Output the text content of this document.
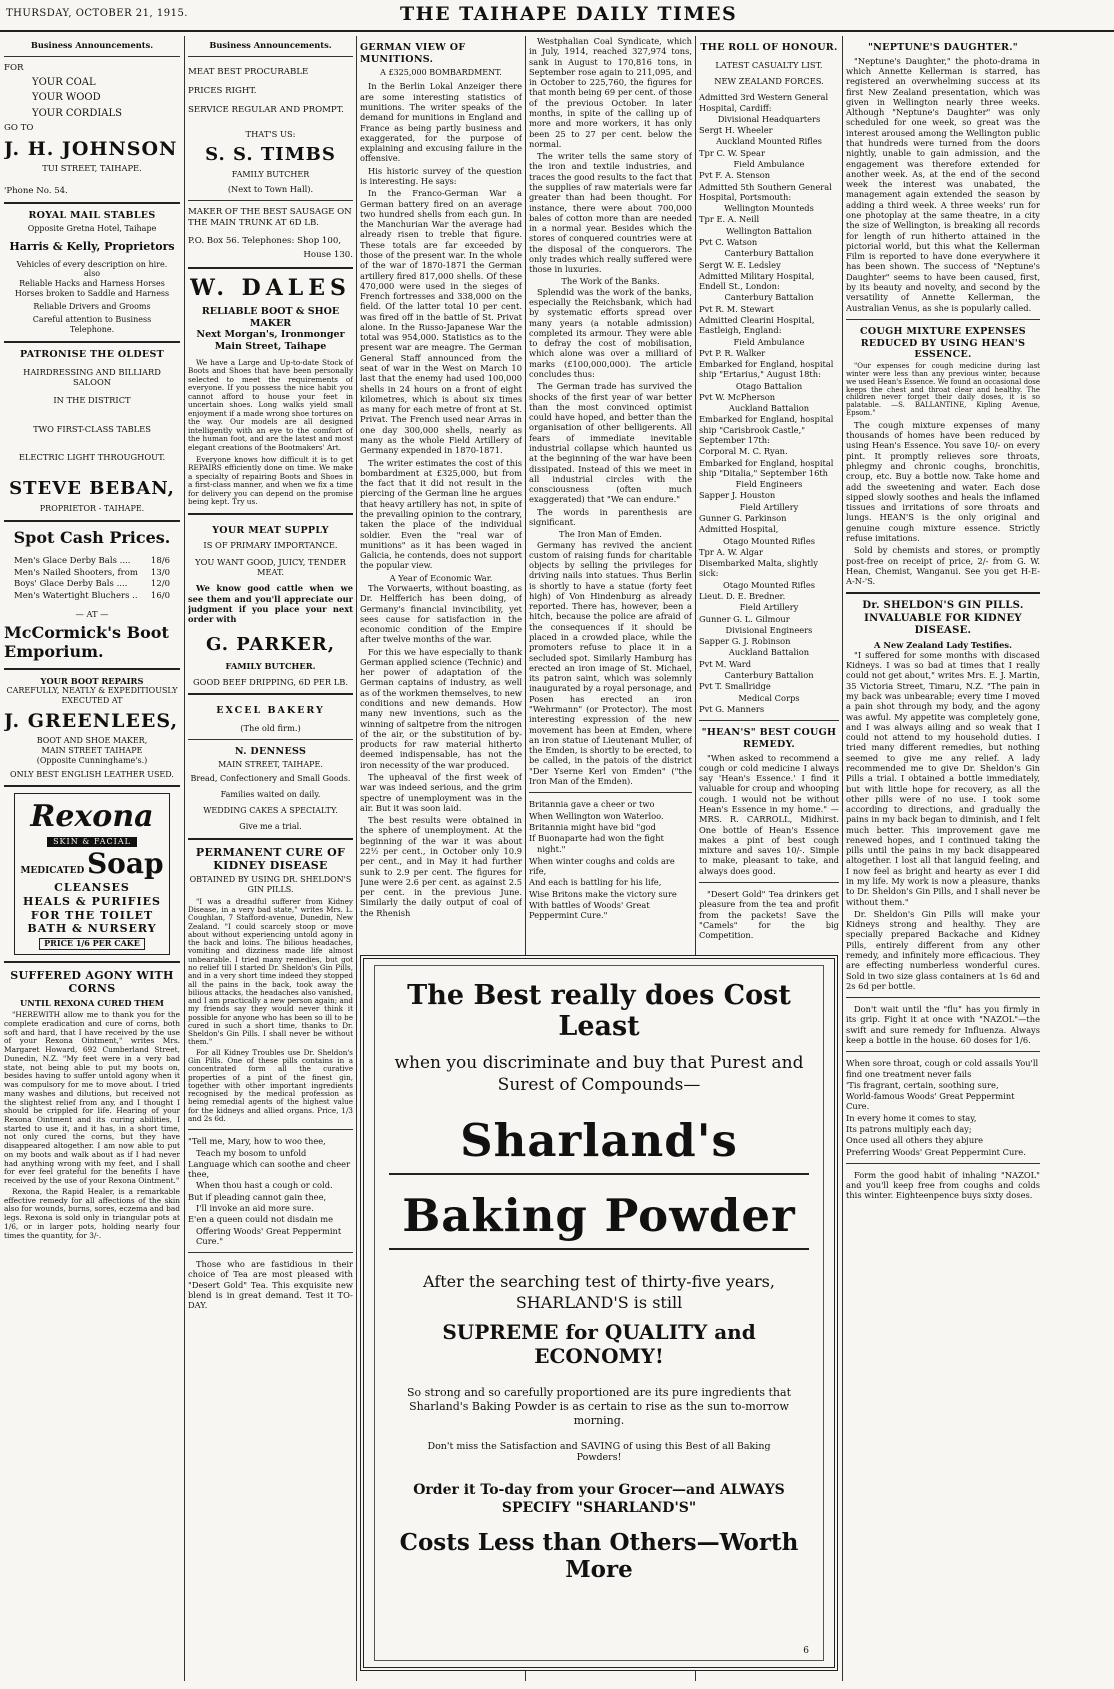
THURSDAY, OCTOBER 21, 1915.	THE TAIHAPE DAILY TIMES
Business Announcements.
FOR
YOUR COAL
YOUR WOOD
YOUR CORDIALS
GO TO
J. H. JOHNSON
TUI STREET, TAIHAPE.
'Phone No. 54.
ROYAL MAIL STABLES
Opposite Gretna Hotel, Taihape
Harris & Kelly, Proprietors
Vehicles of every description on hire.
also
Reliable Hacks and Harness Horses
Horses broken to Saddle and Harness
Reliable Drivers and Grooms
Careful attention to Business
Telephone.
PATRONISE THE OLDEST
HAIRDRESSING AND BILLIARD SALOON
IN THE DISTRICT
TWO FIRST-CLASS TABLES
ELECTRIC LIGHT THROUGHOUT.
STEVE BEBAN,
PROPRIETOR - TAIHAPE.
Spot Cash Prices.
Men's Glace Derby Bals .... 18/6
Men's Nailed Shooters, from 13/0
Boys' Glace Derby Bals ....	12/0
Men's Watertight Bluchers .. 16/0
— AT —
McCormick's Boot Emporium.
YOUR BOOT REPAIRS
CAREFULLY, NEATLY & EXPEDITIOUSLY EXECUTED AT
J. GREENLEES,
BOOT AND SHOE MAKER,
MAIN STREET TAIHAPE
(Opposite Cunninghame's.)
ONLY BEST ENGLISH LEATHER USED.
Rexona
SKIN & FACIAL
MEDICATED Soap
CLEANSES
HEALS & PURIFIES
FOR THE TOILET
BATH & NURSERY
PRICE 1/6 PER CAKE
SUFFERED AGONY WITH CORNS
UNTIL REXONA CURED THEM
"HEREWITH allow me to thank you for the complete eradication and cure of corns, both soft and hard, that I have received by the use of your Rexona Ointment," writes Mrs. Margaret Howard, 692 Cumberland Street, Dunedin, N.Z. "My feet were in a very bad state, not being able to put my boots on, besides having to suffer untold agony when it was compulsory for me to move about. I tried many washes and dilutions, but received not the slightest relief from any, and I thought I should be crippled for life. Hearing of your Rexona Ointment and its curing abilities, I started to use it, and it has, in a short time, not only cured the corns, but they have disappeared altogether. I am now able to put on my boots and walk about as if I had never had anything wrong with my feet, and I shall for ever feel grateful for the benefits I have received by the use of your Rexona Ointment."
Rexona, the Rapid Healer, is a remarkable effective remedy for all affections of the skin also for wounds, burns, sores, eczema and bad legs. Rexona is sold only in triangular pots at 1/6, or in larger pots, holding nearly four times the quantity, for 3/-.
Business Announcements.
MEAT BEST PROCURABLE
PRICES RIGHT.
SERVICE REGULAR AND PROMPT.
THAT'S US:
S. S. TIMBS
FAMILY BUTCHER
(Next to Town Hall).
MAKER OF THE BEST SAUSAGE ON THE MAIN TRUNK AT 6D LB.
P.O. Box 56. Telephones: Shop 100,
House 130.
W. DALES
RELIABLE BOOT & SHOE MAKER
Next Morgan's, Ironmonger Main Street, Taihape
We have a Large and Up-to-date Stock of Boots and Shoes that have been personally selected to meet the requirements of everyone. If you possess the nice habit you cannot afford to house your feet in uncertain shoes. Long walks yield small enjoyment if a made wrong shoe tortures on the way. Our models are all designed intelligently with an eye to the comfort of the human foot, and are the latest and most elegant creations of the Bootmakers' Art.
Everyone knows how difficult it is to get REPAIRS efficiently done on time. We make a specialty of repairing Boots and Shoes in a first-class manner, and when we fix a time for delivery you can depend on the promise being kept. Try us.
YOUR MEAT SUPPLY
IS OF PRIMARY IMPORTANCE.
YOU WANT GOOD, JUICY, TENDER MEAT.
We know good cattle when we see them and you'll appreciate our judgment if you place your next order with
G. PARKER,
FAMILY BUTCHER.
GOOD BEEF DRIPPING, 6D PER LB.
EXCEL BAKERY
(The old firm.)
N. DENNESS
MAIN STREET, TAIHAPE.
Bread, Confectionery and Small Goods.
Families waited on daily.
WEDDING CAKES A SPECIALTY.
Give me a trial.
PERMANENT CURE OF KIDNEY DISEASE
OBTAINED BY USING DR. SHELDON'S GIN PILLS.
"I was a dreadful sufferer from Kidney Disease, in a very bad state," writes Mrs. L. Coughlan, 7 Stafford-avenue, Dunedin, New Zealand. "I could scarcely stoop or move about without experiencing untold agony in the back and loins. The bilious headaches, vomiting and dizziness made life almost unbearable. I tried many remedies, but got no relief till I started Dr. Sheldon's Gin Pills, and in a very short time indeed they stopped all the pains in the back, took away the bilious attacks, the headaches also vanished, and I am practically a new person again; and my friends say they would never think it possible for anyone who has been so ill to be cured in such a short time, thanks to Dr. Sheldon's Gin Pills. I shall never be without them."
For all Kidney Troubles use Dr. Sheldon's Gin Pills. One of these pills contains in a concentrated form all the curative properties of a pint of the finest gin, together with other important ingredients recognised by the medical profession as being remedial agents of the highest value for the kidneys and allied organs. Price, 1/3 and 2s 6d.

"Tell me, Mary, how to woo thee,

Teach my bosom to unfold

Language which can soothe and cheer thee,

When thou hast a cough or cold.

But if pleading cannot gain thee,

I'll invoke an aid more sure.

E'en a queen could not disdain me

Offering Woods' Great Peppermint Cure."

Those who are fastidious in their choice of Tea are most pleased with "Desert Gold" Tea. This exquisite new blend is in great demand. Test it TO-DAY.
GERMAN VIEW OF MUNITIONS.
A £325,000 BOMBARDMENT.
In the Berlin Lokal Anzeiger there are some interesting statistics of munitions. The writer speaks of the demand for munitions in England and France as being partly business and exaggerated, for the purpose of explaining and excusing failure in the offensive.
His historic survey of the question is interesting. He says:
In the Franco-German War a German battery fired on an average two hundred shells from each gun. In the Manchurian War the average had already risen to treble that figure. These totals are far exceeded by those of the present war. In the whole of the war of 1870-1871 the German artillery fired 817,000 shells. Of these 470,000 were used in the sieges of French fortresses and 338,000 on the field. Of the latter total 10 per cent. was fired off in the battle of St. Privat alone. In the Russo-Japanese War the total was 954,000. Statistics as to the present war are meagre. The German General Staff announced from the seat of war in the West on March 10 last that the enemy had used 100,000 shells in 24 hours on a front of eight kilometres, which is about six times as many for each metre of front at St. Privat. The French used near Arras in one day 300,000 shells, nearly as many as the whole Field Artillery of Germany expended in 1870-1871.
The writer estimates the cost of this bombardment at £325,000, but from the fact that it did not result in the piercing of the German line he argues that heavy artillery has not, in spite of the prevailing opinion to the contrary, taken the place of the individual soldier. Even the "real war of munitions" as it has been waged in Galicia, he contends, does not support the popular view.
A Year of Economic War.
The Vorwaerts, without boasting, as Dr. Helfferich has been doing, of Germany's financial invincibility, yet sees cause for satisfaction in the economic condition of the Empire after twelve months of the war.
For this we have especially to thank German applied science (Technic) and her power of adaptation of the German captains of industry, as well as of the workmen themselves, to new conditions and new demands. How many new inventions, such as the winning of saltpetre from the nitrogen of the air, or the substitution of by-products for raw material hitherto deemed indispensable, has not the iron necessity of the war produced.
The upheaval of the first week of war was indeed serious, and the grim spectre of unemployment was in the air. But it was soon laid.
The best results were obtained in the sphere of unemployment. At the beginning of the war it was about 22½ per cent., in October only 10.9 per cent., and in May it had further sunk to 2.9 per cent. The figures for June were 2.6 per cent. as against 2.5 per cent. in the previous June. Similarly the daily output of coal of the Rhenish
Westphalian Coal Syndicate, which in July, 1914, reached 327,974 tons, sank in August to 170,816 tons, in September rose again to 211,095, and in October to 225,760, the figures for that month being 69 per cent. of those of the previous October. In later months, in spite of the calling up of more and more workers, it has only been 25 to 27 per cent. below the normal.
The writer tells the same story of the iron and textile industries, and traces the good results to the fact that the supplies of raw materials were far greater than had been thought. For instance, there were about 700,000 bales of cotton more than are needed in a normal year. Besides which the stores of conquered countries were at the disposal of the conquerors. The only trades which really suffered were those in luxuries.
The Work of the Banks.
Splendid was the work of the banks, especially the Reichsbank, which had by systematic efforts spread over many years (a notable admission) completed its armour. They were able to defray the cost of mobilisation, which alone was over a milliard of marks (£100,000,000). The article concludes thus:
The German trade has survived the shocks of the first year of war better than the most convinced optimist could have hoped, and better than the organisation of other belligerents. All fears of immediate inevitable industrial collapse which haunted us at the beginning of the war have been dissipated. Instead of this we meet in all industrial circles with the consciousness (often much exaggerated) that "We can endure."
The words in parenthesis are significant.
The Iron Man of Emden.
Germany has revived the ancient custom of raising funds for charitable objects by selling the privileges for driving nails into statues. Thus Berlin is shortly to have a statue (forty feet high) of Von Hindenburg as already reported. There has, however, been a hitch, because the police are afraid of the consequences if it should be placed in a crowded place, while the promoters refuse to place it in a secluded spot. Similarly Hamburg has erected an iron image of St. Michael, its patron saint, which was solemnly inaugurated by a royal personage, and Posen has erected an iron "Wehrmann" (or Protector). The most interesting expression of the new movement has been at Emden, where an iron statue of Lieutenant Muller, of the Emden, is shortly to be erected, to be called, in the patois of the district "Der Yserne Kerl von Emden" ("the Iron Man of the Emden).

Britannia gave a cheer or two

When Wellington won Waterloo.

Britannia might have bid "god

If Buonaparte had won the fight

night."

When winter coughs and colds are rife,

And each is battling for his life,

Wise Britons make the victory sure

With battles of Woods' Great Peppermint Cure."

THE ROLL OF HONOUR.
LATEST CASUALTY LIST.
NEW ZEALAND FORCES.

Admitted 3rd Western General Hospital, Cardiff:

Divisional Headquarters

Sergt H. Wheeler

Auckland Mounted Rifles

Tpr C. W. Spear

Field Ambulance

Pvt F. A. Stenson

Admitted 5th Southern General Hospital, Portsmouth:

Wellington Mounteds

Tpr E. A. Neill

Wellington Battalion

Pvt C. Watson

Canterbury Battalion

Sergt W. E. Ledsley

Admitted Military Hospital, Endell St., London:

Canterbury Battalion

Pvt R. M. Stewart

Admitted Clearini Hospital, Eastleigh, England:

Field Ambulance

Pvt P. R. Walker

Embarked for England, hospital ship "Ertarius," August 18th:

Otago Battalion

Pvt W. McPherson

Auckland Battalion

Embarked for England, hospital ship "Carisbrook Castle," September 17th:

Corporal M. C. Ryan.

Embarked for England, hospital ship "Ditalia," September 16th

Field Engineers

Sapper J. Houston

Field Artillery

Gunner G. Parkinson

Admitted Hospital,

Otago Mounted Rifles

Tpr A. W. Algar

Disembarked Malta, slightly sick:

Otago Mounted Rifles

Lieut. D. E. Bredner.

Field Artillery

Gunner G. L. Gilmour

Divisional Engineers

Sapper G. J. Robinson

Auckland Battalion

Pvt M. Ward

Canterbury Battalion

Pvt T. Smallridge

Medical Corps

Pvt G. Manners

"HEAN'S" BEST COUGH REMEDY.
"When asked to recommend a cough or cold medicine I always say 'Hean's Essence.' I find it valuable for croup and whooping cough. I would not be without Hean's Essence in my home." —MRS. R. CARROLL, Midhirst. One bottle of Hean's Essence makes a pint of best cough mixture and saves 10/-. Simple to make, pleasant to take, and always does good.
"Desert Gold" Tea drinkers get pleasure from the tea and profit from the packets! Save the "Camels" for the big Competition.
"NEPTUNE'S DAUGHTER."
"Neptune's Daughter," the photo-drama in which Annette Kellerman is starred, has registered an overwhelming success at its first New Zealand presentation, which was given in Wellington nearly three weeks. Although "Neptune's Daughter" was only scheduled for one week, so great was the interest aroused among the Wellington public that hundreds were turned from the doors nightly, unable to gain admission, and the engagement was therefore extended for another week. As, at the end of the second week the interest was unabated, the management again extended the season by adding a third week. A three weeks' run for one photoplay at the same theatre, in a city the size of Wellington, is breaking all records for length of run hitherto attained in the pictorial world, but this what the Kellerman Film is reported to have done everywhere it has been shown. The success of "Neptune's Daughter" seems to have been caused, first, by its beauty and novelty, and second by the versatility of Annette Kellerman, the Australian Venus, as she is popularly called.
COUGH MIXTURE EXPENSES REDUCED BY USING HEAN'S ESSENCE.
"Our expenses for cough medicine during last winter were less than any previous winter, because we used Hean's Essence. We found an occasional dose keeps the chest and throat clear and healthy. The children never forget their daily doses, it is so palatable. —S. BALLANTINE, Kipling Avenue, Epsom."
The cough mixture expenses of many thousands of homes have been reduced by using Hean's Essence. You save 10/- on every pint. It promptly relieves sore throats, phlegmy and chronic coughs, bronchitis, croup, etc. Buy a bottle now. Take home and add the sweetening and water. Each dose sipped slowly soothes and heals the inflamed tissues and irritations of sore throats and lungs. HEAN'S is the only original and genuine cough mixture essence. Strictly refuse imitations.
Sold by chemists and stores, or promptly post-free on receipt of price, 2/- from G. W. Hean, Chemist, Wanganui. See you get H-E-A-N-'S.
Dr. SHELDON'S GIN PILLS. INVALUABLE FOR KIDNEY DISEASE.
A New Zealand Lady Testifies.
"I suffered for some months with discased Kidneys. I was so bad at times that I really could not get about," writes Mrs. E. J. Martin, 35 Victoria Street, Timaru, N.Z. "The pain in my back was unbearable; every time I moved a pain shot through my body, and the agony was awful. My appetite was completely gone, and I was always ailing and so weak that I could not attend to my household duties. I tried many different remedies, but nothing seemed to give me any relief. A lady recommended me to give Dr. Sheldon's Gin Pills a trial. I obtained a bottle immediately, but with little hope for recovery, as all the other pills were of no use. I took some according to directions, and gradually the pains in my back began to diminish, and I felt much better. This improvement gave me renewed hopes, and I continued taking the pills until the pains in my back disappeared altogether. I lost all that languid feeling, and I now feel as bright and hearty as ever I did in my life. My work is now a pleasure, thanks to Dr. Sheldon's Gin Pills, and I shall never be without them."
Dr. Sheldon's Gin Pills will make your Kidneys strong and healthy. They are specially prepared Backache and Kidney Pills, entirely different from any other remedy, and infinitely more efficacious. They are effecting numberless wonderful cures. Sold in two size glass containers at 1s 6d and 2s 6d per bottle.
Don't wait until the "flu" has you firmly in its grip. Fight it at once with "NAZOL"—the swift and sure remedy for Influenza. Always keep a bottle in the house. 60 doses for 1/6.

When sore throat, cough or cold assails You'll find one treatment never fails

'Tis fragrant, certain, soothing sure,

World-famous Woods' Great Peppermint Cure.

In every home it comes to stay,

Its patrons multiply each day;

Once used all others they abjure

Preferring Woods' Great Peppermint Cure.

Form the good habit of inhaling "NAZOL" and you'll keep free from coughs and colds this winter. Eighteenpence buys sixty doses.
The Best really does Cost Least
when you discriminate and buy that Purest and Surest of Compounds—
Sharland's
Baking Powder
After the searching test of thirty-five years, SHARLAND'S is still
SUPREME for QUALITY and ECONOMY!
So strong and so carefully proportioned are its pure ingredients that Sharland's Baking Powder is as certain to rise as the sun to-morrow morning.
Don't miss the Satisfaction and SAVING of using this Best of all Baking Powders!
Order it To-day from your Grocer—and ALWAYS SPECIFY "SHARLAND'S"
Costs Less than Others—Worth More
6
